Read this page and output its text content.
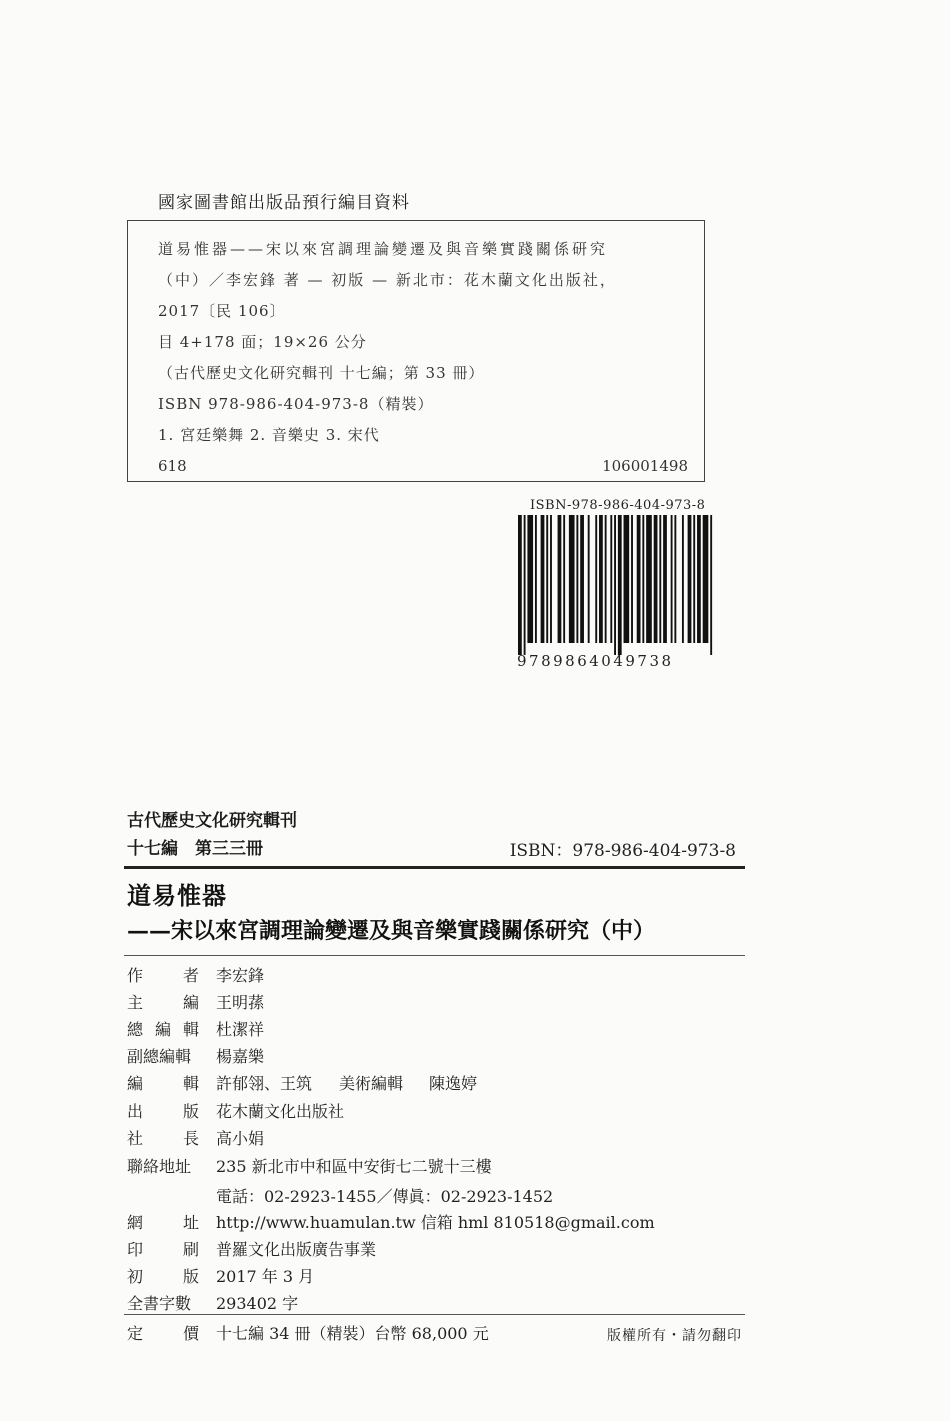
國家圖書館出版品預行編目資料
道易惟器——宋以來宮調理論變遷及與音樂實踐關係研究
（中）／李宏鋒 著 — 初版 — 新北市：花木蘭文化出版社，
2017〔民 106〕
目 4+178 面；19×26 公分
（古代歷史文化研究輯刊 十七編；第 33 冊）
ISBN 978-986-404-973-8（精裝）
1. 宮廷樂舞 2. 音樂史 3. 宋代
618	106001498
ISBN-978-986-404-973-8
9789864049738
古代歷史文化研究輯刊
十七編　第三三冊	ISBN：978-986-404-973-8
道易惟器
——宋以來宮調理論變遷及與音樂實踐關係研究（中）
作 者 李宏鋒
主 編 王明蓀
總 編 輯 杜潔祥
副 總 編 輯 楊嘉樂
編 輯 許郁翎、王筑 美術編輯 陳逸婷
出 版 花木蘭文化出版社
社 長 高小娟
聯 絡 地 址 235 新北市中和區中安街七二號十三樓
電話：02-2923-1455／傳眞：02-2923-1452
網 址 http://www.huamulan.tw 信箱 hml 810518@gmail.com
印 刷 普羅文化出版廣告事業
初 版 2017 年 3 月
全 書 字 數 293402 字
定 價 十七編 34 冊（精裝）台幣 68,000 元	版權所有・請勿翻印
